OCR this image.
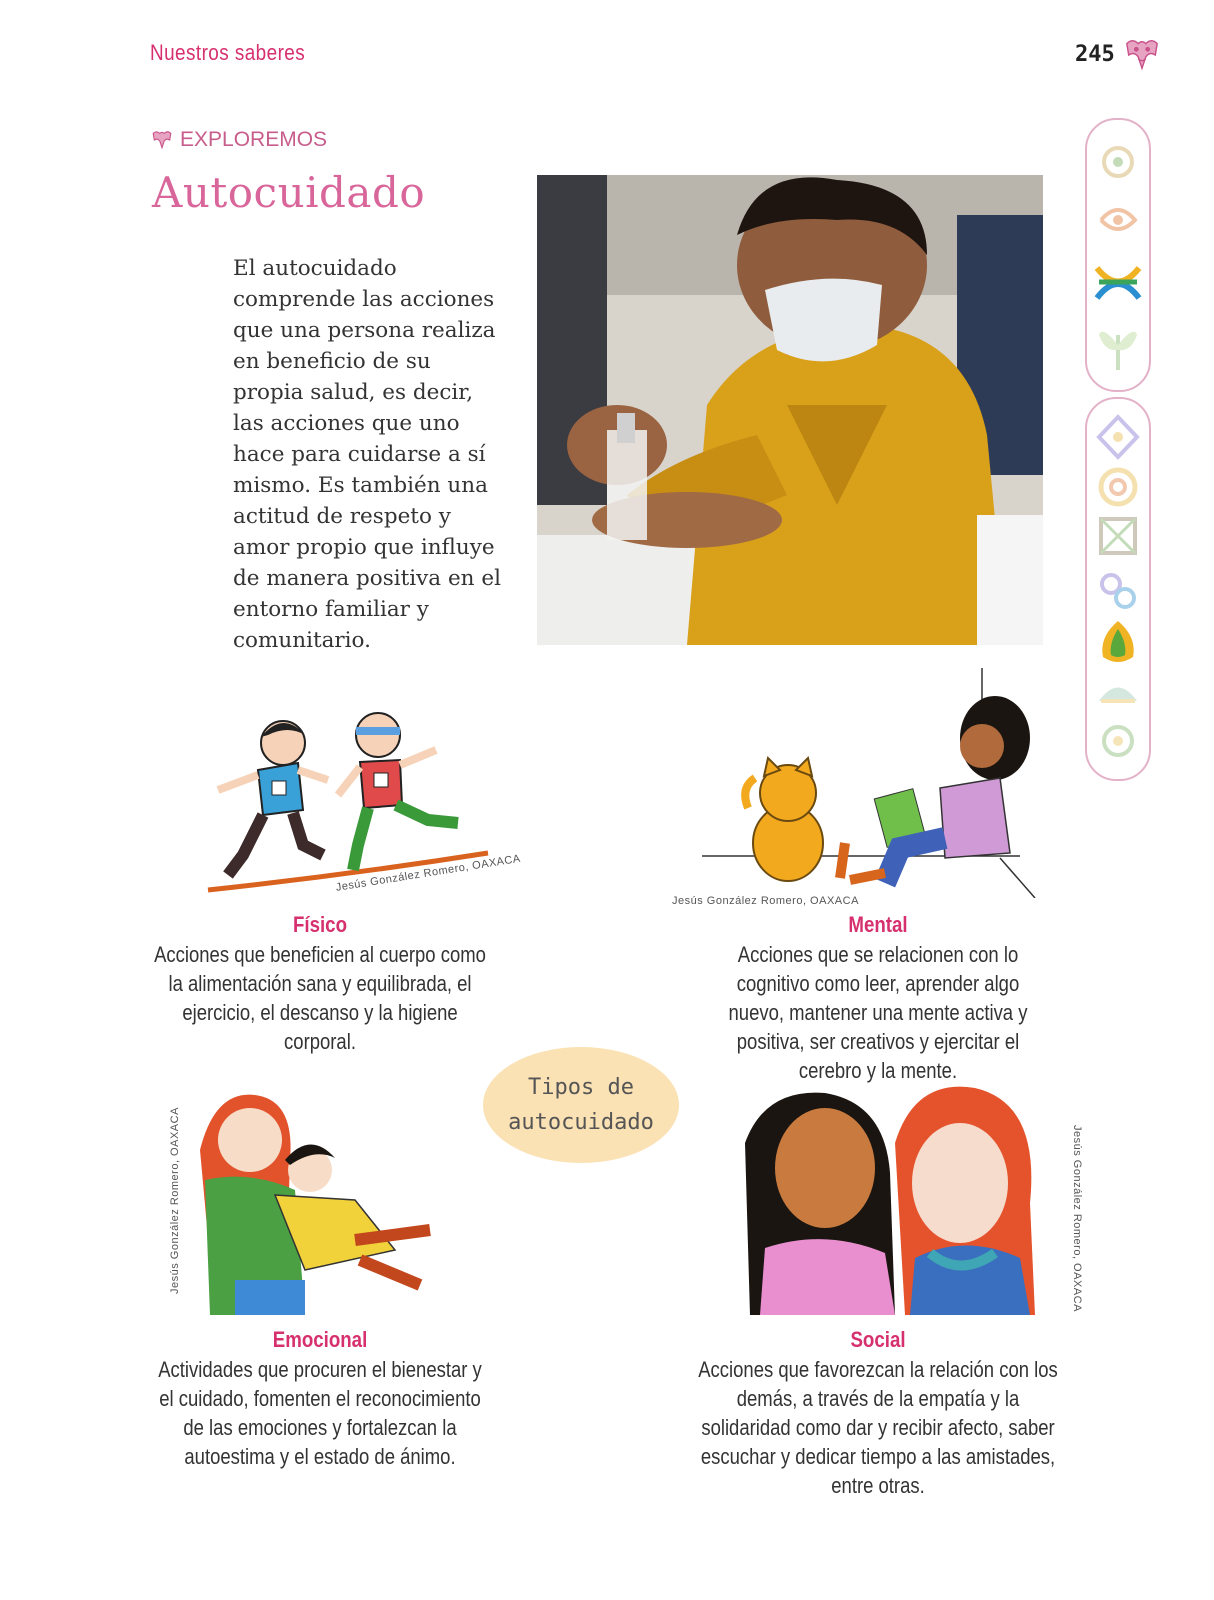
Nuestros saberes	245
EXPLOREMOS
Autocuidado
El autocuidado comprende las acciones que una persona realiza en beneficio de su propia salud, es decir, las acciones que uno hace para cuidarse a sí mismo. Es también una actitud de respeto y amor propio que influye de manera positiva en el entorno familiar y comunitario.
Jesús González Romero, OAXACA
Jesús González Romero, OAXACA
Físico
Acciones que beneficien al cuerpo como la alimentación sana y equilibrada, el ejercicio, el descanso y la higiene corporal.
Mental
Acciones que se relacionen con lo cognitivo como leer, aprender algo nuevo, mantener una mente activa y positiva, ser creativos y ejercitar el cerebro y la mente.
Tipos de
autocuidado
Jesús González Romero, OAXACA	Jesús González Romero, OAXACA
Emocional
Actividades que procuren el bienestar y el cuidado, fomenten el reconocimiento de las emociones y fortalezcan la autoestima y el estado de ánimo.
Social
Acciones que favorezcan la relación con los demás, a través de la empatía y la solidaridad como dar y recibir afecto, saber escuchar y dedicar tiempo a las amistades, entre otras.
